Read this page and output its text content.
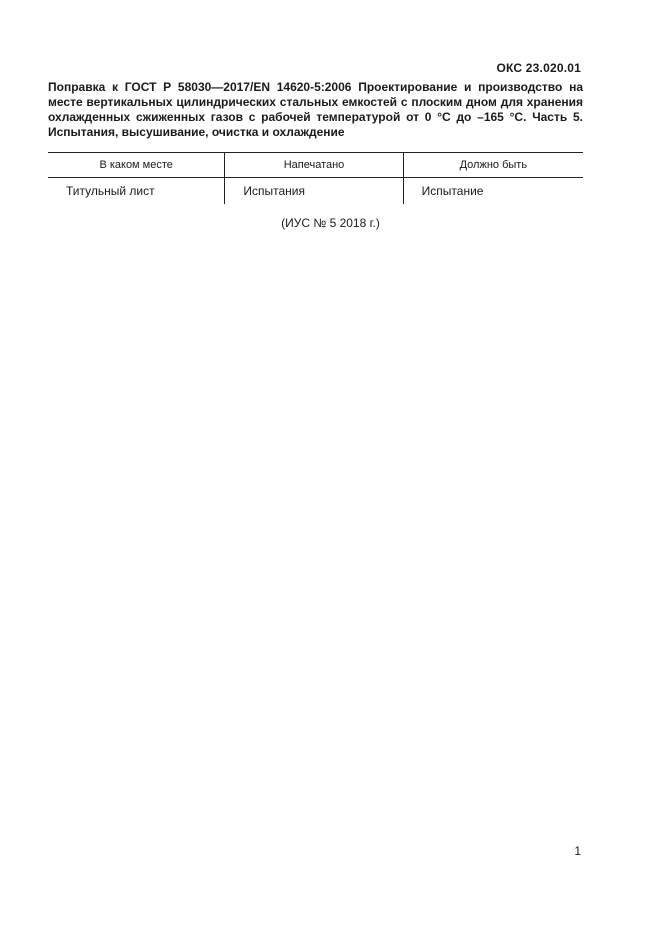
ОКС 23.020.01
Поправка к ГОСТ Р 58030—2017/EN 14620-5:2006 Проектирование и производство на месте вертикальных цилиндрических стальных емкостей с плоским дном для хранения охлажденных сжиженных газов с рабочей температурой от 0 °С до –165 °С. Часть 5. Испытания, высушивание, очистка и охлаждение
В каком месте	Напечатано	Должно быть
Титульный лист	Испытания	Испытание
(ИУС № 5 2018 г.)
1
